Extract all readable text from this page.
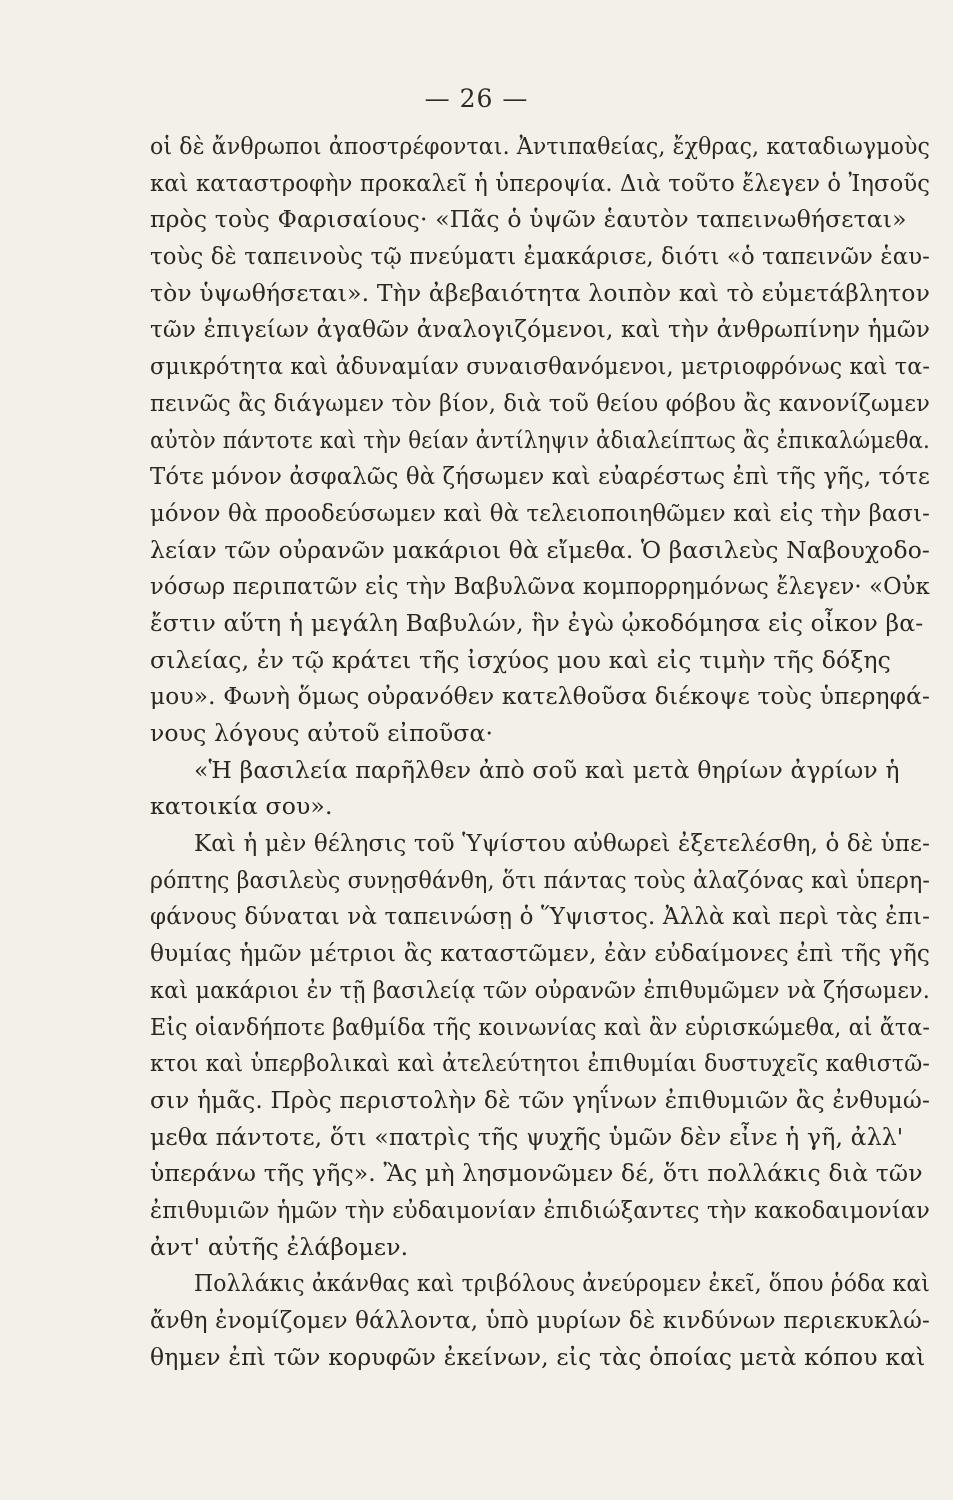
— 26 —
οἱ δὲ ἄνθρωποι ἀποστρέφονται. Ἀντιπαθείας, ἔχθρας, καταδιωγμοὺς
καὶ καταστροφὴν προκαλεῖ ἡ ὑπεροψία. Διὰ τοῦτο ἔλεγεν ὁ Ἰησοῦς
πρὸς τοὺς Φαρισαίους· «Πᾶς ὁ ὑψῶν ἑαυτὸν ταπεινωθήσεται»
τοὺς δὲ ταπεινοὺς τῷ πνεύματι ἐμακάρισε, διότι «ὁ ταπεινῶν ἑαυ-
τὸν ὑψωθήσεται». Τὴν ἀβεβαιότητα λοιπὸν καὶ τὸ εὐμετάβλητον
τῶν ἐπιγείων ἀγαθῶν ἀναλογιζόμενοι, καὶ τὴν ἀνθρωπίνην ἡμῶν
σμικρότητα καὶ ἀδυναμίαν συναισθανόμενοι, μετριοφρόνως καὶ τα-
πεινῶς ἂς διάγωμεν τὸν βίον, διὰ τοῦ θείου φόβου ἂς κανονίζωμεν
αὐτὸν πάντοτε καὶ τὴν θείαν ἀντίληψιν ἀδιαλείπτως ἂς ἐπικαλώμεθα.
Τότε μόνον ἀσφαλῶς θὰ ζήσωμεν καὶ εὐαρέστως ἐπὶ τῆς γῆς, τότε
μόνον θὰ προοδεύσωμεν καὶ θὰ τελειοποιηθῶμεν καὶ εἰς τὴν βασι-
λείαν τῶν οὐρανῶν μακάριοι θὰ εἴμεθα. Ὁ βασιλεὺς Ναβουχοδο-
νόσωρ περιπατῶν εἰς τὴν Βαβυλῶνα κομπορρημόνως ἔλεγεν· «Οὐκ
ἔστιν αὕτη ἡ μεγάλη Βαβυλών, ἣν ἐγὼ ᾠκοδόμησα εἰς οἶκον βα-
σιλείας, ἐν τῷ κράτει τῆς ἰσχύος μου καὶ εἰς τιμὴν τῆς δόξης
μου». Φωνὴ ὅμως οὐρανόθεν κατελθοῦσα διέκοψε τοὺς ὑπερηφά-
νους λόγους αὐτοῦ εἰποῦσα·
«Ἡ βασιλεία παρῆλθεν ἀπὸ σοῦ καὶ μετὰ θηρίων ἀγρίων ἡ
κατοικία σου».
Καὶ ἡ μὲν θέλησις τοῦ Ὑψίστου αὐθωρεὶ ἐξετελέσθη, ὁ δὲ ὑπε-
ρόπτης βασιλεὺς συνῃσθάνθη, ὅτι πάντας τοὺς ἀλαζόνας καὶ ὑπερη-
φάνους δύναται νὰ ταπεινώσῃ ὁ Ὕψιστος. Ἀλλὰ καὶ περὶ τὰς ἐπι-
θυμίας ἡμῶν μέτριοι ἂς καταστῶμεν, ἐὰν εὐδαίμονες ἐπὶ τῆς γῆς
καὶ μακάριοι ἐν τῇ βασιλείᾳ τῶν οὐρανῶν ἐπιθυμῶμεν νὰ ζήσωμεν.
Εἰς οἱανδήποτε βαθμίδα τῆς κοινωνίας καὶ ἂν εὑρισκώμεθα, αἱ ἄτα-
κτοι καὶ ὑπερβολικαὶ καὶ ἀτελεύτητοι ἐπιθυμίαι δυστυχεῖς καθιστῶ-
σιν ἡμᾶς. Πρὸς περιστολὴν δὲ τῶν γηΐνων ἐπιθυμιῶν ἂς ἐνθυμώ-
μεθα πάντοτε, ὅτι «πατρὶς τῆς ψυχῆς ὑμῶν δὲν εἶνε ἡ γῆ, ἀλλ'
ὑπεράνω τῆς γῆς». Ἂς μὴ λησμονῶμεν δέ, ὅτι πολλάκις διὰ τῶν
ἐπιθυμιῶν ἡμῶν τὴν εὐδαιμονίαν ἐπιδιώξαντες τὴν κακοδαιμονίαν
ἀντ' αὐτῆς ἐλάβομεν.
Πολλάκις ἀκάνθας καὶ τριβόλους ἀνεύρομεν ἐκεῖ, ὅπου ῥόδα καὶ
ἄνθη ἐνομίζομεν θάλλοντα, ὑπὸ μυρίων δὲ κινδύνων περιεκυκλώ-
θημεν ἐπὶ τῶν κορυφῶν ἐκείνων, εἰς τὰς ὁποίας μετὰ κόπου καὶ
